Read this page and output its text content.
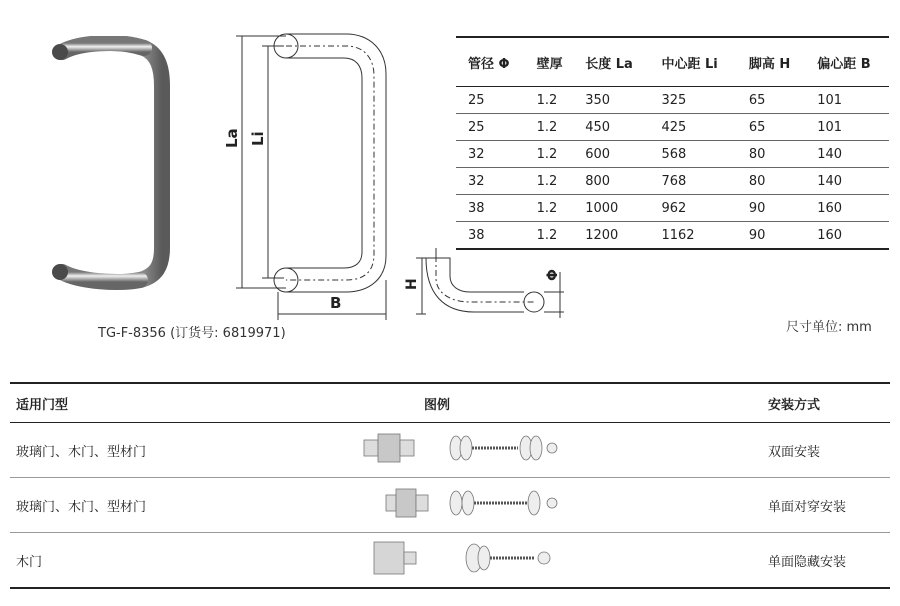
La Li
B
H
Φ
TG-F-8356 (订货号: 6819971)	尺寸单位: mm
管径 Φ	壁厚	长度 La	中心距 Li	脚高 H	偏心距 B
25	1.2	350	325	65	101
25	1.2	450	425	65	101
32	1.2	600	568	80	140
32	1.2	800	768	80	140
38	1.2	1000	962	90	160
38	1.2	1200	1162	90	160
适用门型	图例	安装方式
玻璃门、木门、型材门		双面安装
玻璃门、木门、型材门		单面对穿安装
木门		单面隐藏安装
